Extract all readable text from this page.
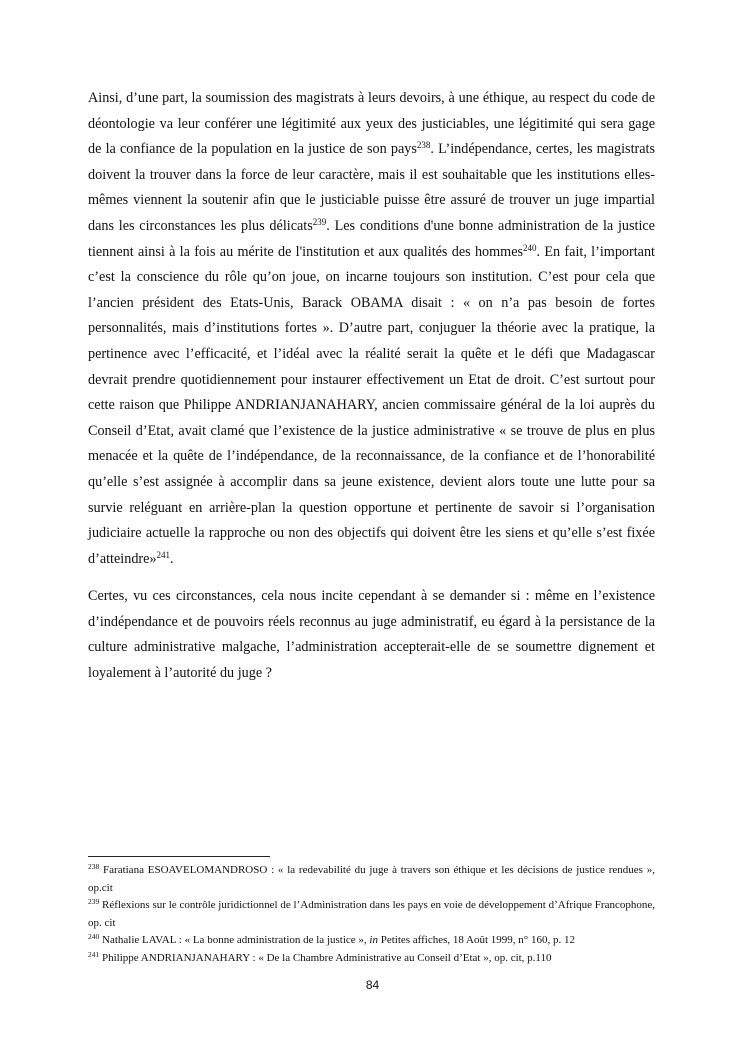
Ainsi, d’une part, la soumission des magistrats à leurs devoirs, à une éthique, au respect du code de déontologie va leur conférer une légitimité aux yeux des justiciables, une légitimité qui sera gage de la confiance de la population en la justice de son pays$^{238}$. L’indépendance, certes, les magistrats doivent la trouver dans la force de leur caractère, mais il est souhaitable que les institutions elles-mêmes viennent la soutenir afin que le justiciable puisse être assuré de trouver un juge impartial dans les circonstances les plus délicats$^{239}$. Les conditions d'une bonne administration de la justice tiennent ainsi à la fois au mérite de l'institution et aux qualités des hommes$^{240}$. En fait, l’important c’est la conscience du rôle qu’on joue, on incarne toujours son institution. C’est pour cela que l’ancien président des Etats-Unis, Barack OBAMA disait : « on n’a pas besoin de fortes personnalités, mais d’institutions fortes ». D’autre part, conjuguer la théorie avec la pratique, la pertinence avec l’efficacité, et l’idéal avec la réalité serait la quête et le défi que Madagascar devrait prendre quotidiennement pour instaurer effectivement un Etat de droit. C’est surtout pour cette raison que Philippe ANDRIANJANAHARY, ancien commissaire général de la loi auprès du Conseil d’Etat, avait clamé que l’existence de la justice administrative « se trouve de plus en plus menacée et la quête de l’indépendance, de la reconnaissance, de la confiance et de l’honorabilité qu’elle s’est assignée à accomplir dans sa jeune existence, devient alors toute une lutte pour sa survie reléguant en arrière-plan la question opportune et pertinente de savoir si l’organisation judiciaire actuelle la rapproche ou non des objectifs qui doivent être les siens et qu’elle s’est fixée d’atteindre»$^{241}$.

Certes, vu ces circonstances, cela nous incite cependant à se demander si : même en l’existence d’indépendance et de pouvoirs réels reconnus au juge administratif, eu égard à la persistance de la culture administrative malgache, l’administration accepterait-elle de se soumettre dignement et loyalement à l’autorité du juge ?

$^{238}$ Faratiana ESOAVELOMANDROSO : « la redevabilité du juge à travers son éthique et les décisions de justice rendues », op.cit

$^{239}$ Réflexions sur le contrôle juridictionnel de l’Administration dans les pays en voie de développement d’Afrique Francophone, op. cit

$^{240}$ Nathalie LAVAL : « La bonne administration de la justice », in Petites affiches, 18 Août 1999, n° 160, p. 12

$^{241}$ Philippe ANDRIANJANAHARY : « De la Chambre Administrative au Conseil d’Etat », op. cit, p.110

84
